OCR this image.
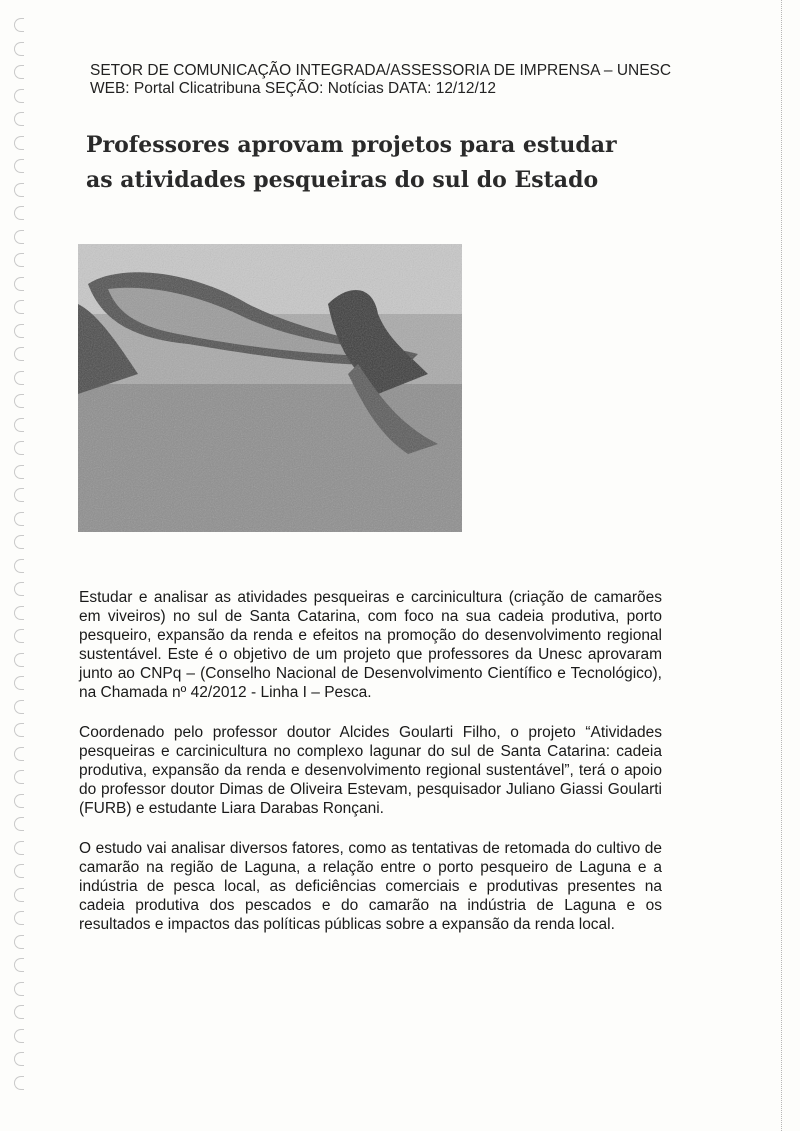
SETOR DE COMUNICAÇÃO INTEGRADA/ASSESSORIA DE IMPRENSA – UNESC
WEB: Portal Clicatribuna SEÇÃO: Notícias DATA: 12/12/12
Professores aprovam projetos para estudar as atividades pesqueiras do sul do Estado

Estudar e analisar as atividades pesqueiras e carcinicultura (criação de camarões em viveiros) no sul de Santa Catarina, com foco na sua cadeia produtiva, porto pesqueiro, expansão da renda e efeitos na promoção do desenvolvimento regional sustentável. Este é o objetivo de um projeto que professores da Unesc aprovaram junto ao CNPq – (Conselho Nacional de Desenvolvimento Científico e Tecnológico), na Chamada nº 42/2012 - Linha I – Pesca.

Coordenado pelo professor doutor Alcides Goularti Filho, o projeto “Atividades pesqueiras e carcinicultura no complexo lagunar do sul de Santa Catarina: cadeia produtiva, expansão da renda e desenvolvimento regional sustentável”, terá o apoio do professor doutor Dimas de Oliveira Estevam, pesquisador Juliano Giassi Goularti (FURB) e estudante Liara Darabas Ronçani.

O estudo vai analisar diversos fatores, como as tentativas de retomada do cultivo de camarão na região de Laguna, a relação entre o porto pesqueiro de Laguna e a indústria de pesca local, as deficiências comerciais e produtivas presentes na cadeia produtiva dos pescados e do camarão na indústria de Laguna e os resultados e impactos das políticas públicas sobre a expansão da renda local.
